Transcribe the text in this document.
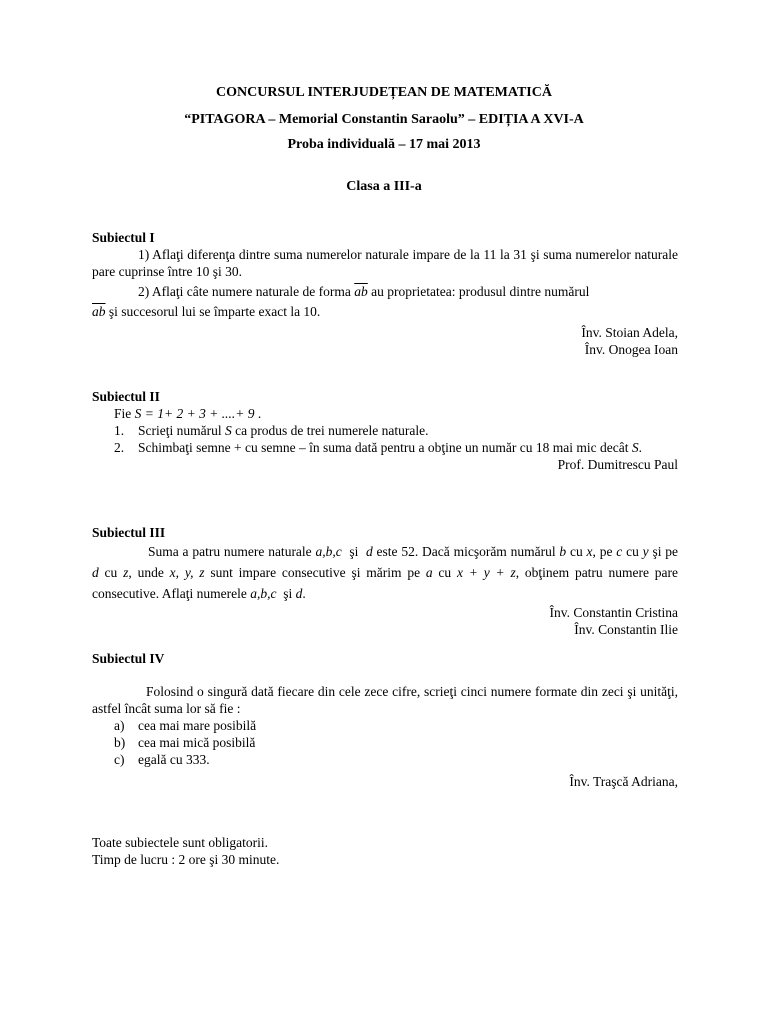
CONCURSUL INTERJUDEȚEAN DE MATEMATICĂ
“PITAGORA – Memorial Constantin Saraolu” – EDIȚIA A XVI-A
Proba individuală – 17 mai 2013
Clasa a III-a
Subiectul I
1) Aflaţi diferenţa dintre suma numerelor naturale impare de la 11 la 31 şi suma numerelor naturale pare cuprinse între 10 şi 30.
2) Aflaţi câte numere naturale de forma $\overline{ab}$ au proprietatea: produsul dintre numărul
$\overline{ab}$ şi succesorul lui se împarte exact la 10.
Înv. Stoian Adela,
Înv. Onogea Ioan
Subiectul II
Fie S = 1+ 2 + 3 + ....+ 9 .
1. Scrieţi numărul S ca produs de trei numerele naturale.
2. Schimbaţi semne + cu semne – în suma dată pentru a obţine un număr cu 18 mai mic decât S.
Prof. Dumitrescu Paul
Subiectul III
Suma a patru numere naturale a,b,c şi d este 52. Dacă micşorăm numărul b cu x, pe c cu y şi pe d cu z, unde x, y, z sunt impare consecutive şi mărim pe a cu x + y + z, obţinem patru numere pare consecutive. Aflaţi numerele a,b,c şi d.
Înv. Constantin Cristina
Înv. Constantin Ilie
Subiectul IV
Folosind o singură dată fiecare din cele zece cifre, scrieţi cinci numere formate din zeci şi unităţi, astfel încât suma lor să fie :
a) cea mai mare posibilă
b) cea mai mică posibilă
c) egală cu 333.
Înv. Traşcă Adriana,
Toate subiectele sunt obligatorii.
Timp de lucru : 2 ore şi 30 minute.
